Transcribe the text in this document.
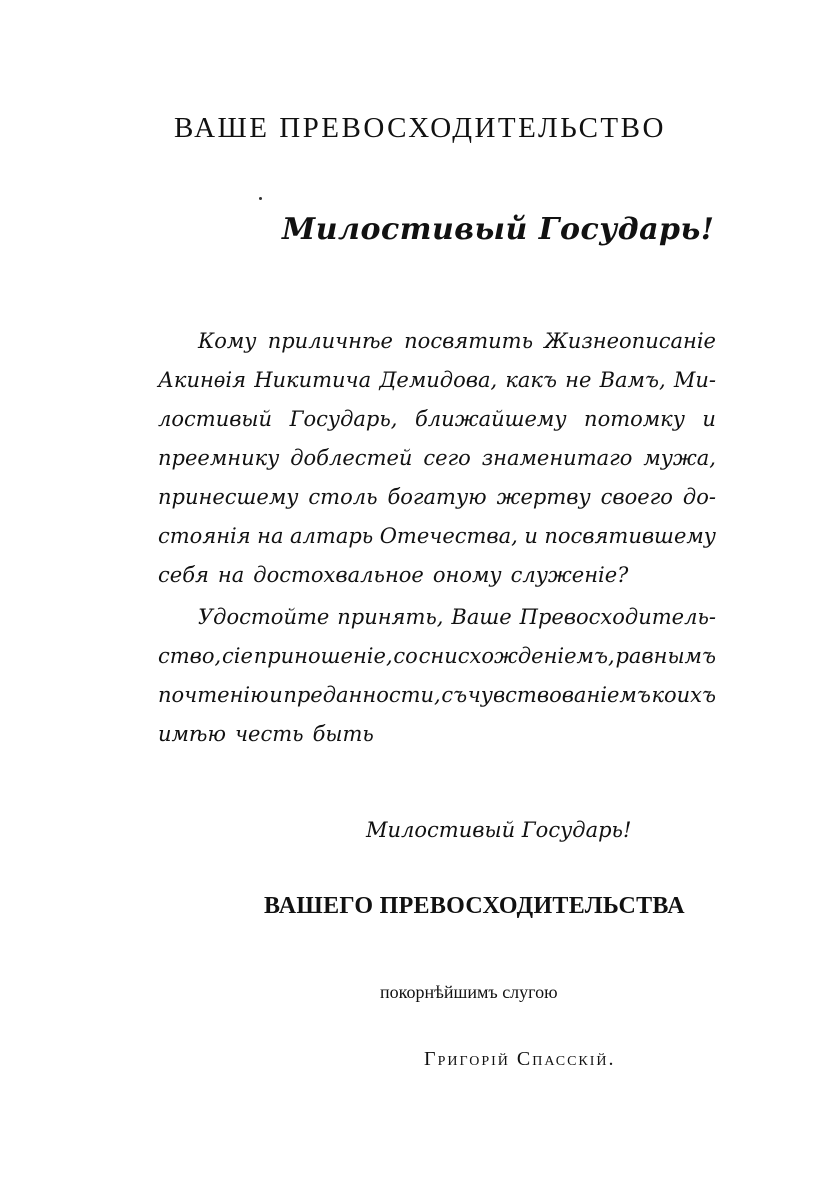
ВАШЕ ПРЕВОСХОДИТЕЛЬСТВО
Милостивый Государь!
Кому приличнѣе посвятить Жизнеописаніе
Акинѳія Никитича Демидова, какъ не Вамъ, Ми-
лостивый Государь, ближайшему потомку и
преемнику доблестей сего знаменитаго мужа,
принесшему столь богатую жертву своего до-
стоянія на алтарь Отечества, и посвятившему
себя на достохвальное оному служеніе?
Удостойте принять, Ваше Превосходитель-
ство, сіе приношеніе, со снисхожденіемъ, равнымъ
почтенію и преданности, съ чувствованіемъ коихъ
имѣю честь быть
Милостивый Государь!
ВАШЕГО ПРЕВОСХОДИТЕЛЬСТВА
покорнѣйшимъ слугою
Григорій Спасскій.
